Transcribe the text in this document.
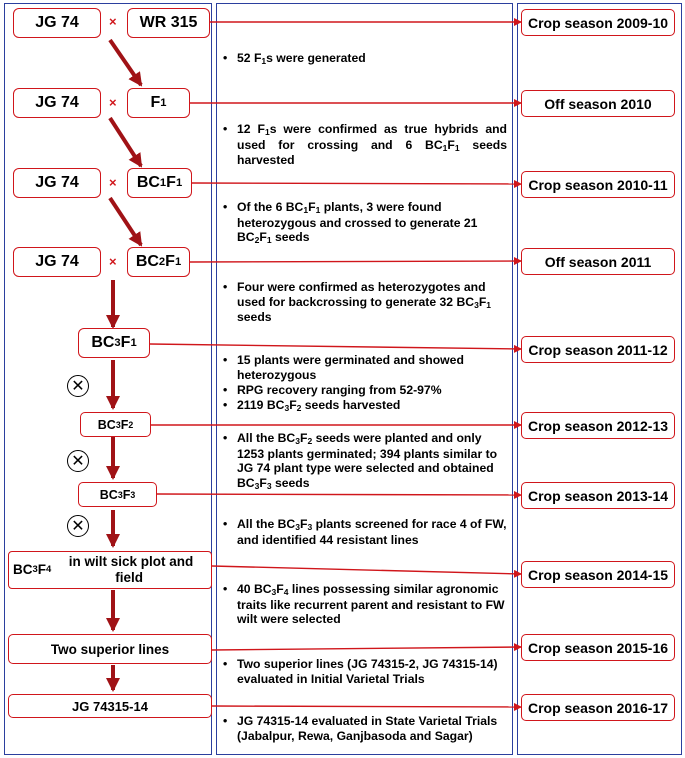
JG 74	×	WR 315
JG 74	×	F 1
JG 74	×	BC 1 F 1
JG 74	×	BC 2 F 1
BC 3 F 1
✕
BC 3 F 2
✕
BC 3 F 3
✕
BC 3 F 4 in wilt sick plot and field
Two superior lines
JG 74315-14
Crop season 2009-10
Off season 2010
Crop season 2010-11
Off season 2011
Crop season 2011-12
Crop season 2012-13
Crop season 2013-14
Crop season 2014-15
Crop season 2015-16
Crop season 2016-17
• 52 $F_1s$ were generated
• 12 $F_1s$ were confirmed as true hybrids and used for crossing and 6 $BC_1F_1$ seeds harvested
• Of the 6 $BC_1F_1$ plants, 3 were found heterozygous and crossed to generate 21 $BC_2F_1$ seeds
• Four were confirmed as heterozygotes and used for backcrossing to generate 32 $BC_3F_1$ seeds
• 15 plants were germinated and showed heterozygous
• RPG recovery ranging from 52-97%
• 2119 $BC_3F_2$ seeds harvested
• All the $BC_3F_2$ seeds were planted and only 1253 plants germinated; 394 plants similar to JG 74 plant type were selected and obtained $BC_3F_3$ seeds
• All the $BC_3F_3$ plants screened for race 4 of FW, and identified 44 resistant lines
• 40 $BC_3F_4$ lines possessing similar agronomic traits like recurrent parent and resistant to FW wilt were selected
• Two superior lines (JG 74315-2, JG 74315-14) evaluated in Initial Varietal Trials
• JG 74315-14 evaluated in State Varietal Trials (Jabalpur, Rewa, Ganjbasoda and Sagar)
